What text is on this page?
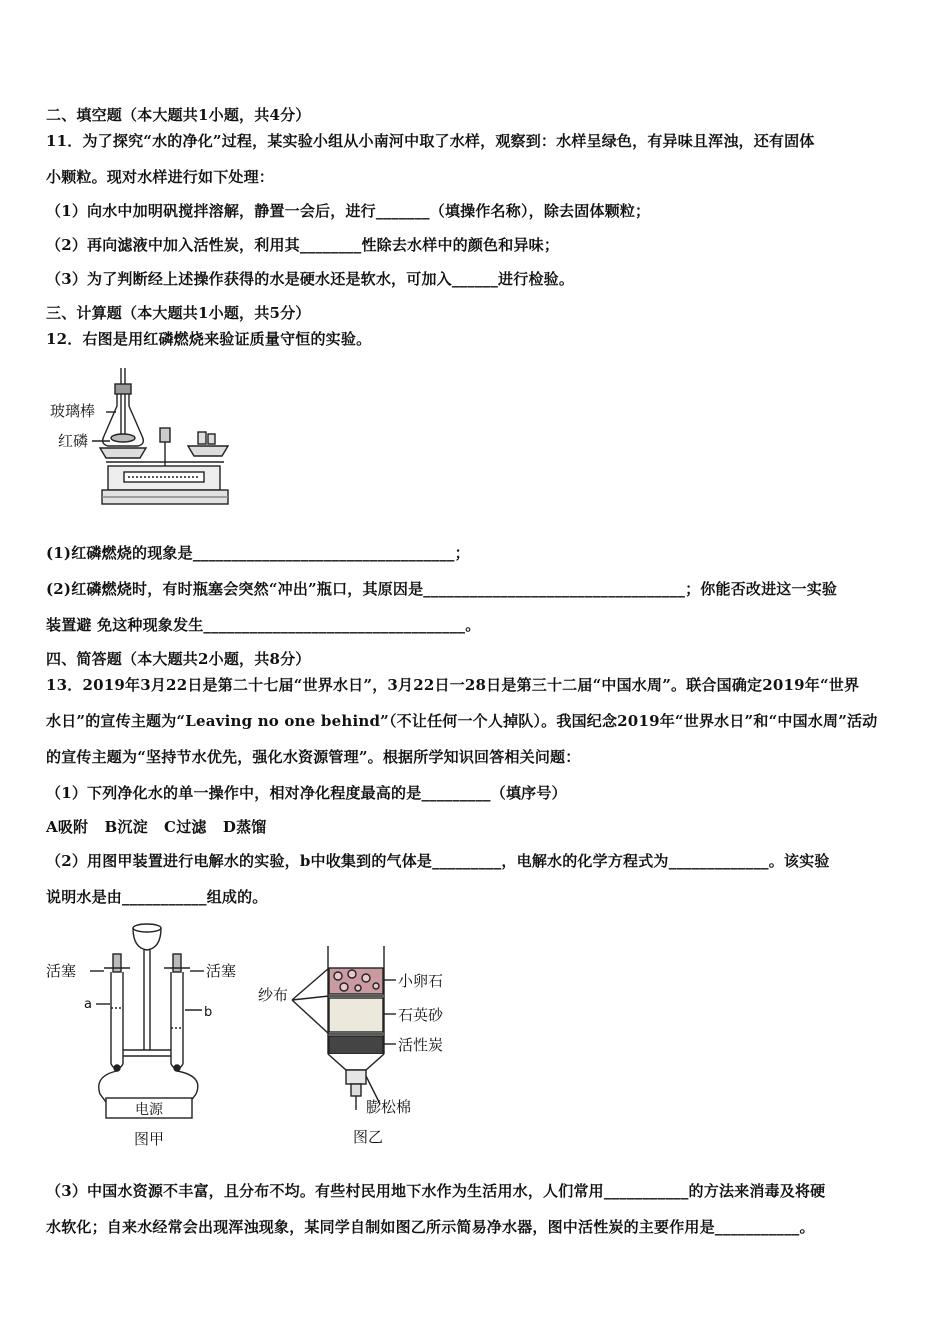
二、填空题（本大题共1小题，共4分）
11．为了探究“水的净化”过程，某实验小组从小南河中取了水样，观察到：水样呈绿色，有异味且浑浊，还有固体
小颗粒。现对水样进行如下处理：
（1）向水中加明矾搅拌溶解，静置一会后，进行_______（填操作名称），除去固体颗粒；
（2）再向滤液中加入活性炭，利用其________性除去水样中的颜色和异味；
（3）为了判断经上述操作获得的水是硬水还是软水，可加入______进行检验。
三、计算题（本大题共1小题，共5分）
12．右图是用红磷燃烧来验证质量守恒的实验。
玻璃棒
红磷
(1)红磷燃烧的现象是__________________________________；
(2)红磷燃烧时，有时瓶塞会突然“冲出”瓶口，其原因是__________________________________；你能否改进这一实验
装置避 免这种现象发生__________________________________。
四、简答题（本大题共2小题，共8分）
13．2019年3月22日是第二十七届“世界水日”，3月22日一28日是第三十二届“中国水周”。联合国确定2019年“世界
水日”的宣传主题为“Leaving no one behind”（不让任何一个人掉队）。我国纪念2019年“世界水日”和“中国水周”活动
的宣传主题为“坚持节水优先，强化水资源管理”。根据所学知识回答相关问题：
（1）下列净化水的单一操作中，相对净化程度最高的是_________（填序号）
A吸附   B沉淀   C过滤   D蒸馏
（2）用图甲装置进行电解水的实验，b中收集到的气体是_________，电解水的化学方程式为_____________。该实验
说明水是由___________组成的。
活塞	活塞
a
b
电源
图甲
纱布
小卵石
石英砂
活性炭
膨松棉
图乙
（3）中国水资源不丰富，且分布不均。有些村民用地下水作为生活用水，人们常用___________的方法来消毒及将硬
水软化；自来水经常会出现浑浊现象，某同学自制如图乙所示简易净水器，图中活性炭的主要作用是___________。
